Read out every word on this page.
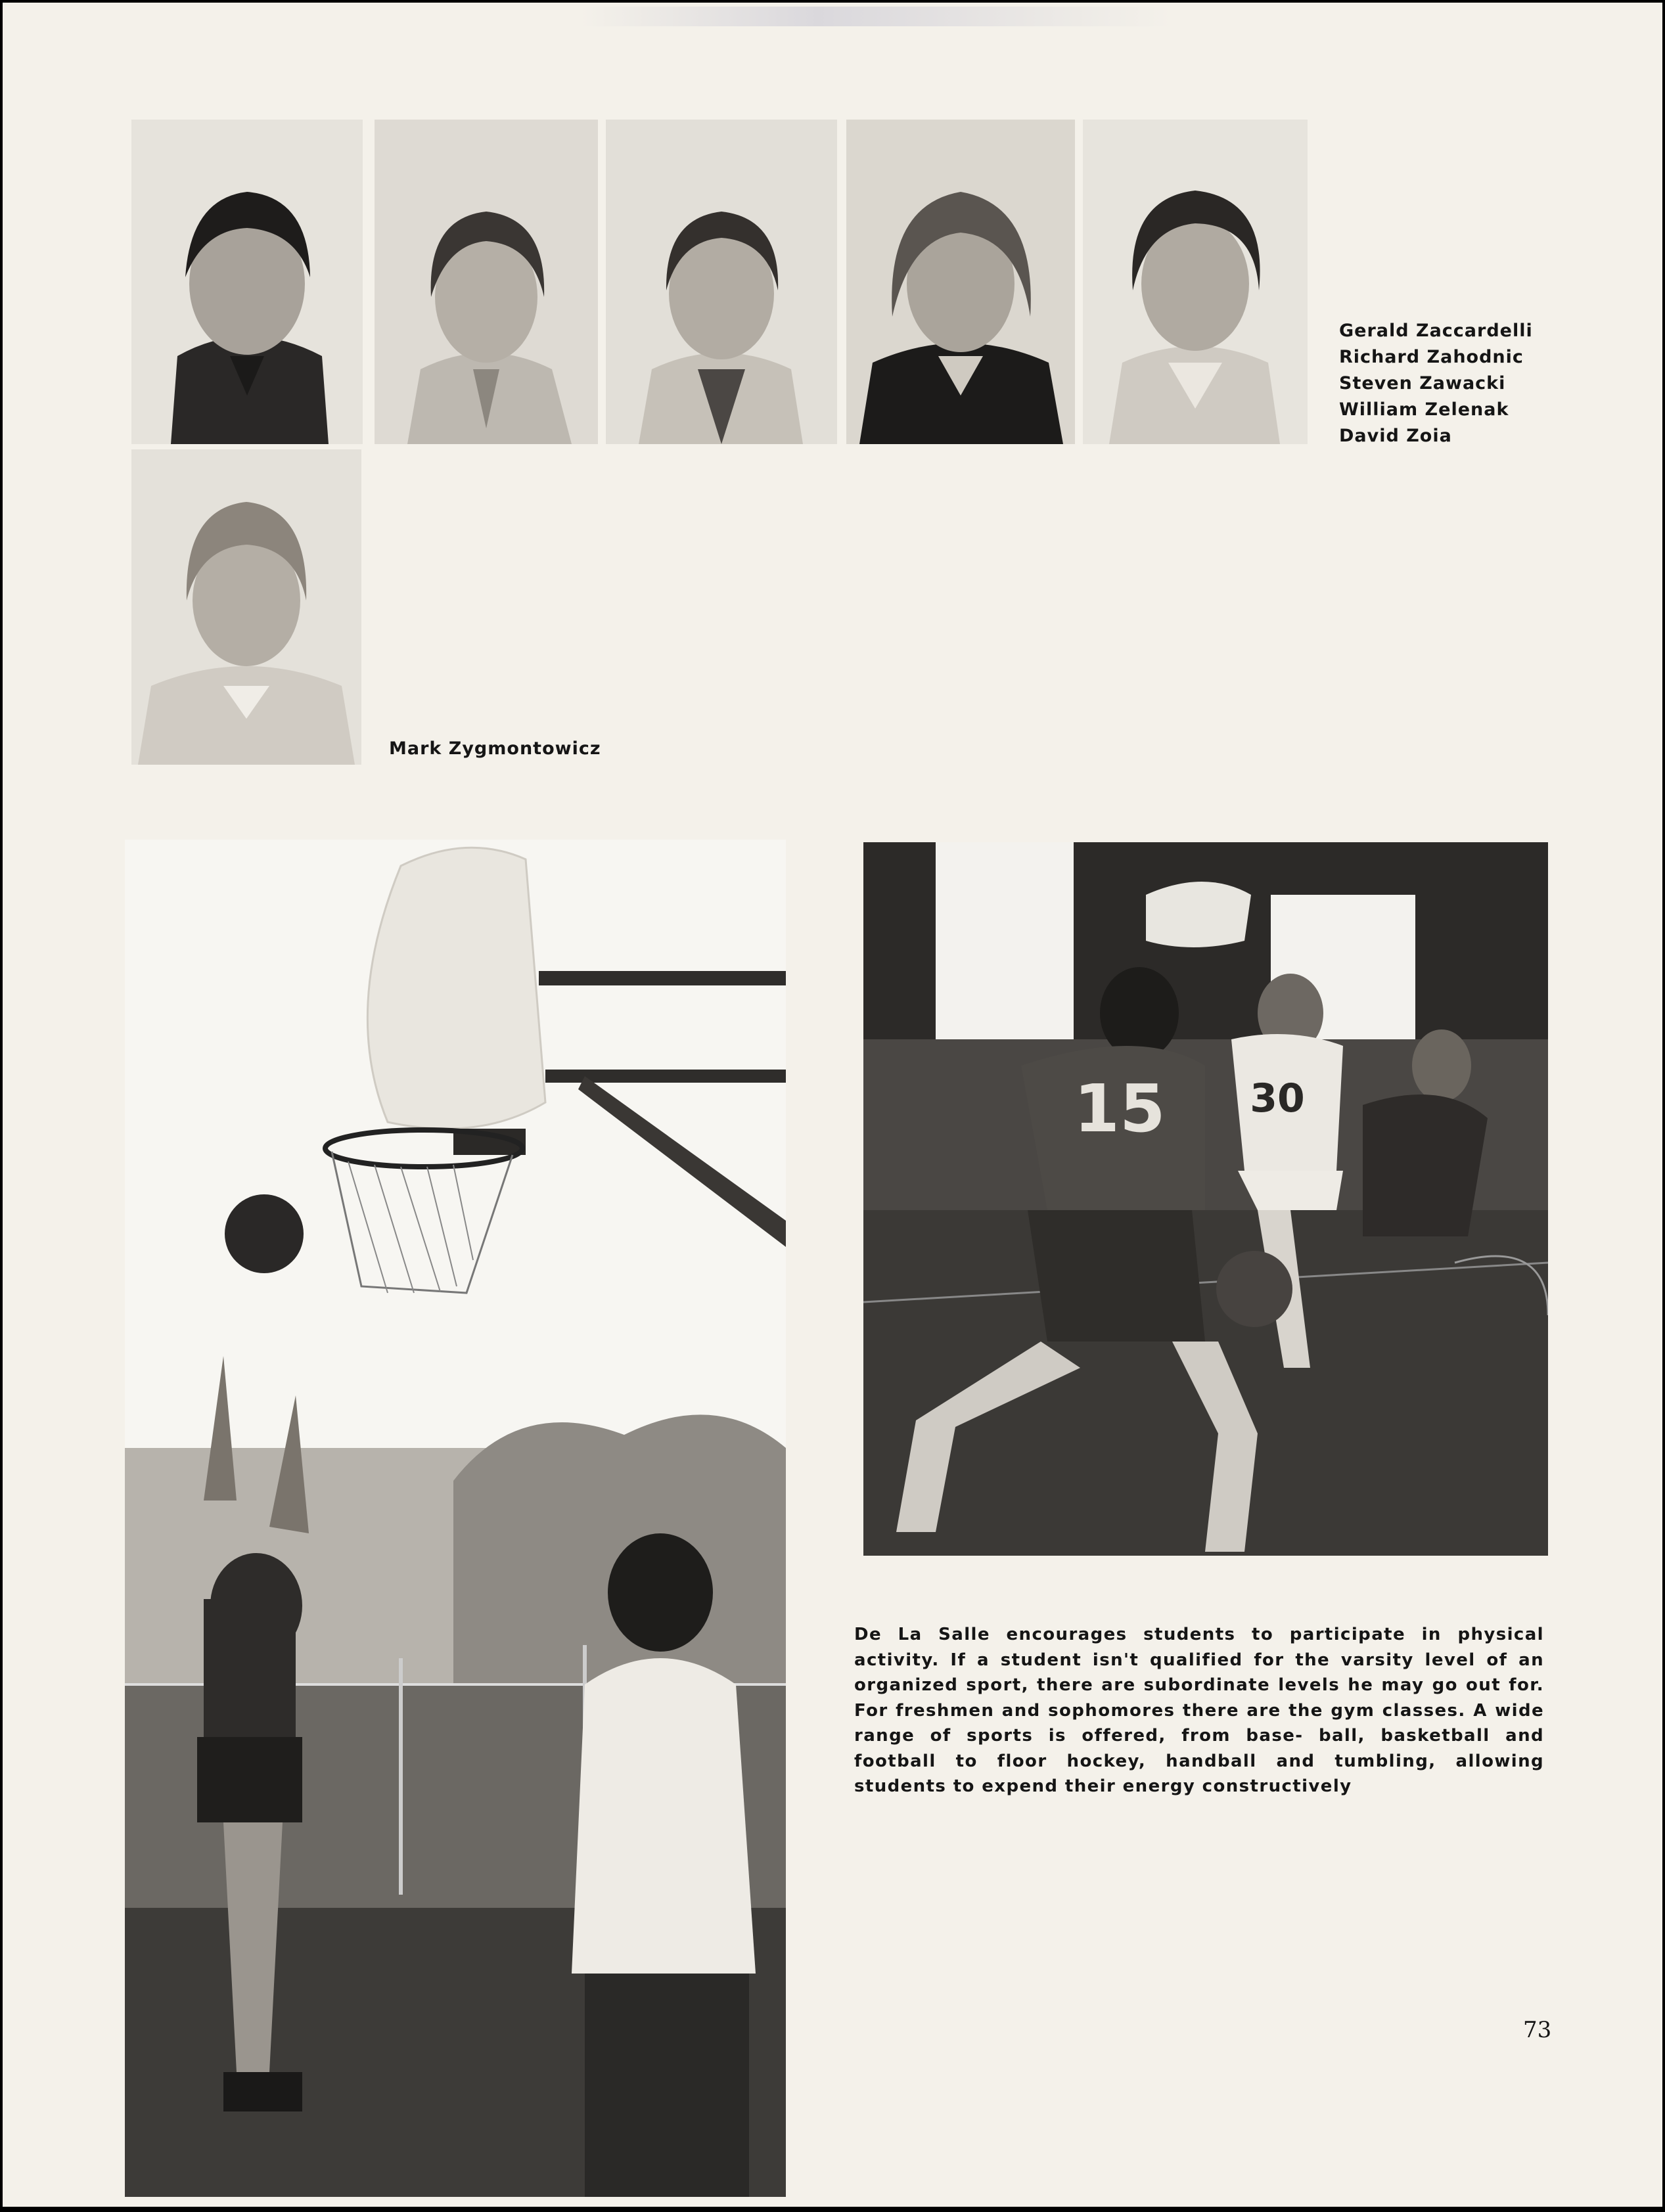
Gerald Zaccardelli
Richard Zahodnic
Steven Zawacki
William Zelenak
David Zoia
Mark Zygmontowicz
15 30

De La Salle encourages students to participate in physical activity. If a student isn't qualified for the varsity level of an organized sport, there are subordinate levels he may go out for. For freshmen and sophomores there are the gym classes. A wide range of sports is offered, from base- ball, basketball and football to floor hockey, handball and tumbling, allowing students to expend their energy constructively

73
